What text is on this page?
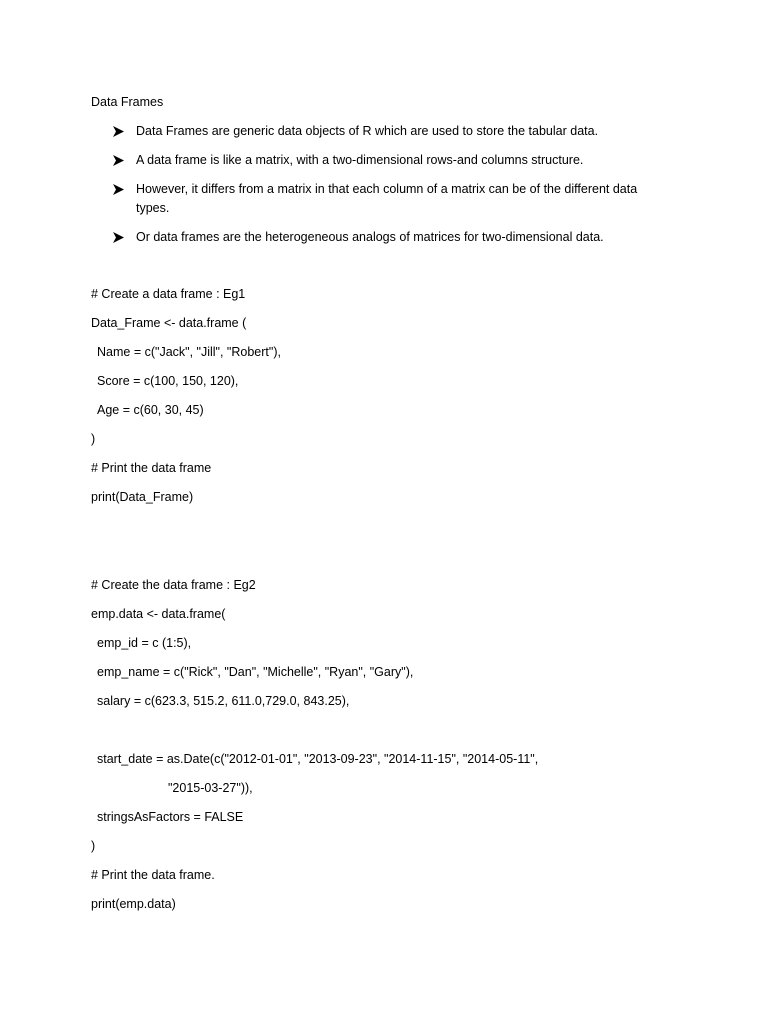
Data Frames
Data Frames are generic data objects of R which are used to store the tabular data.
A data frame is like a matrix, with a two-dimensional rows-and columns structure.
However, it differs from a matrix in that each column of a matrix can be of the different data types.
Or data frames are the heterogeneous analogs of matrices for two-dimensional data.
# Create a data frame : Eg1
Data_Frame <- data.frame (
Name = c("Jack", "Jill", "Robert"),
Score = c(100, 150, 120),
Age = c(60, 30, 45)
)
# Print the data frame
print(Data_Frame)
# Create the data frame : Eg2
emp.data <- data.frame(
emp_id = c (1:5),
emp_name = c("Rick", "Dan", "Michelle", "Ryan", "Gary"),
salary = c(623.3, 515.2, 611.0,729.0, 843.25),
start_date = as.Date(c("2012-01-01", "2013-09-23", "2014-11-15", "2014-05-11",
"2015-03-27")),
stringsAsFactors = FALSE
)
# Print the data frame.
print(emp.data)
